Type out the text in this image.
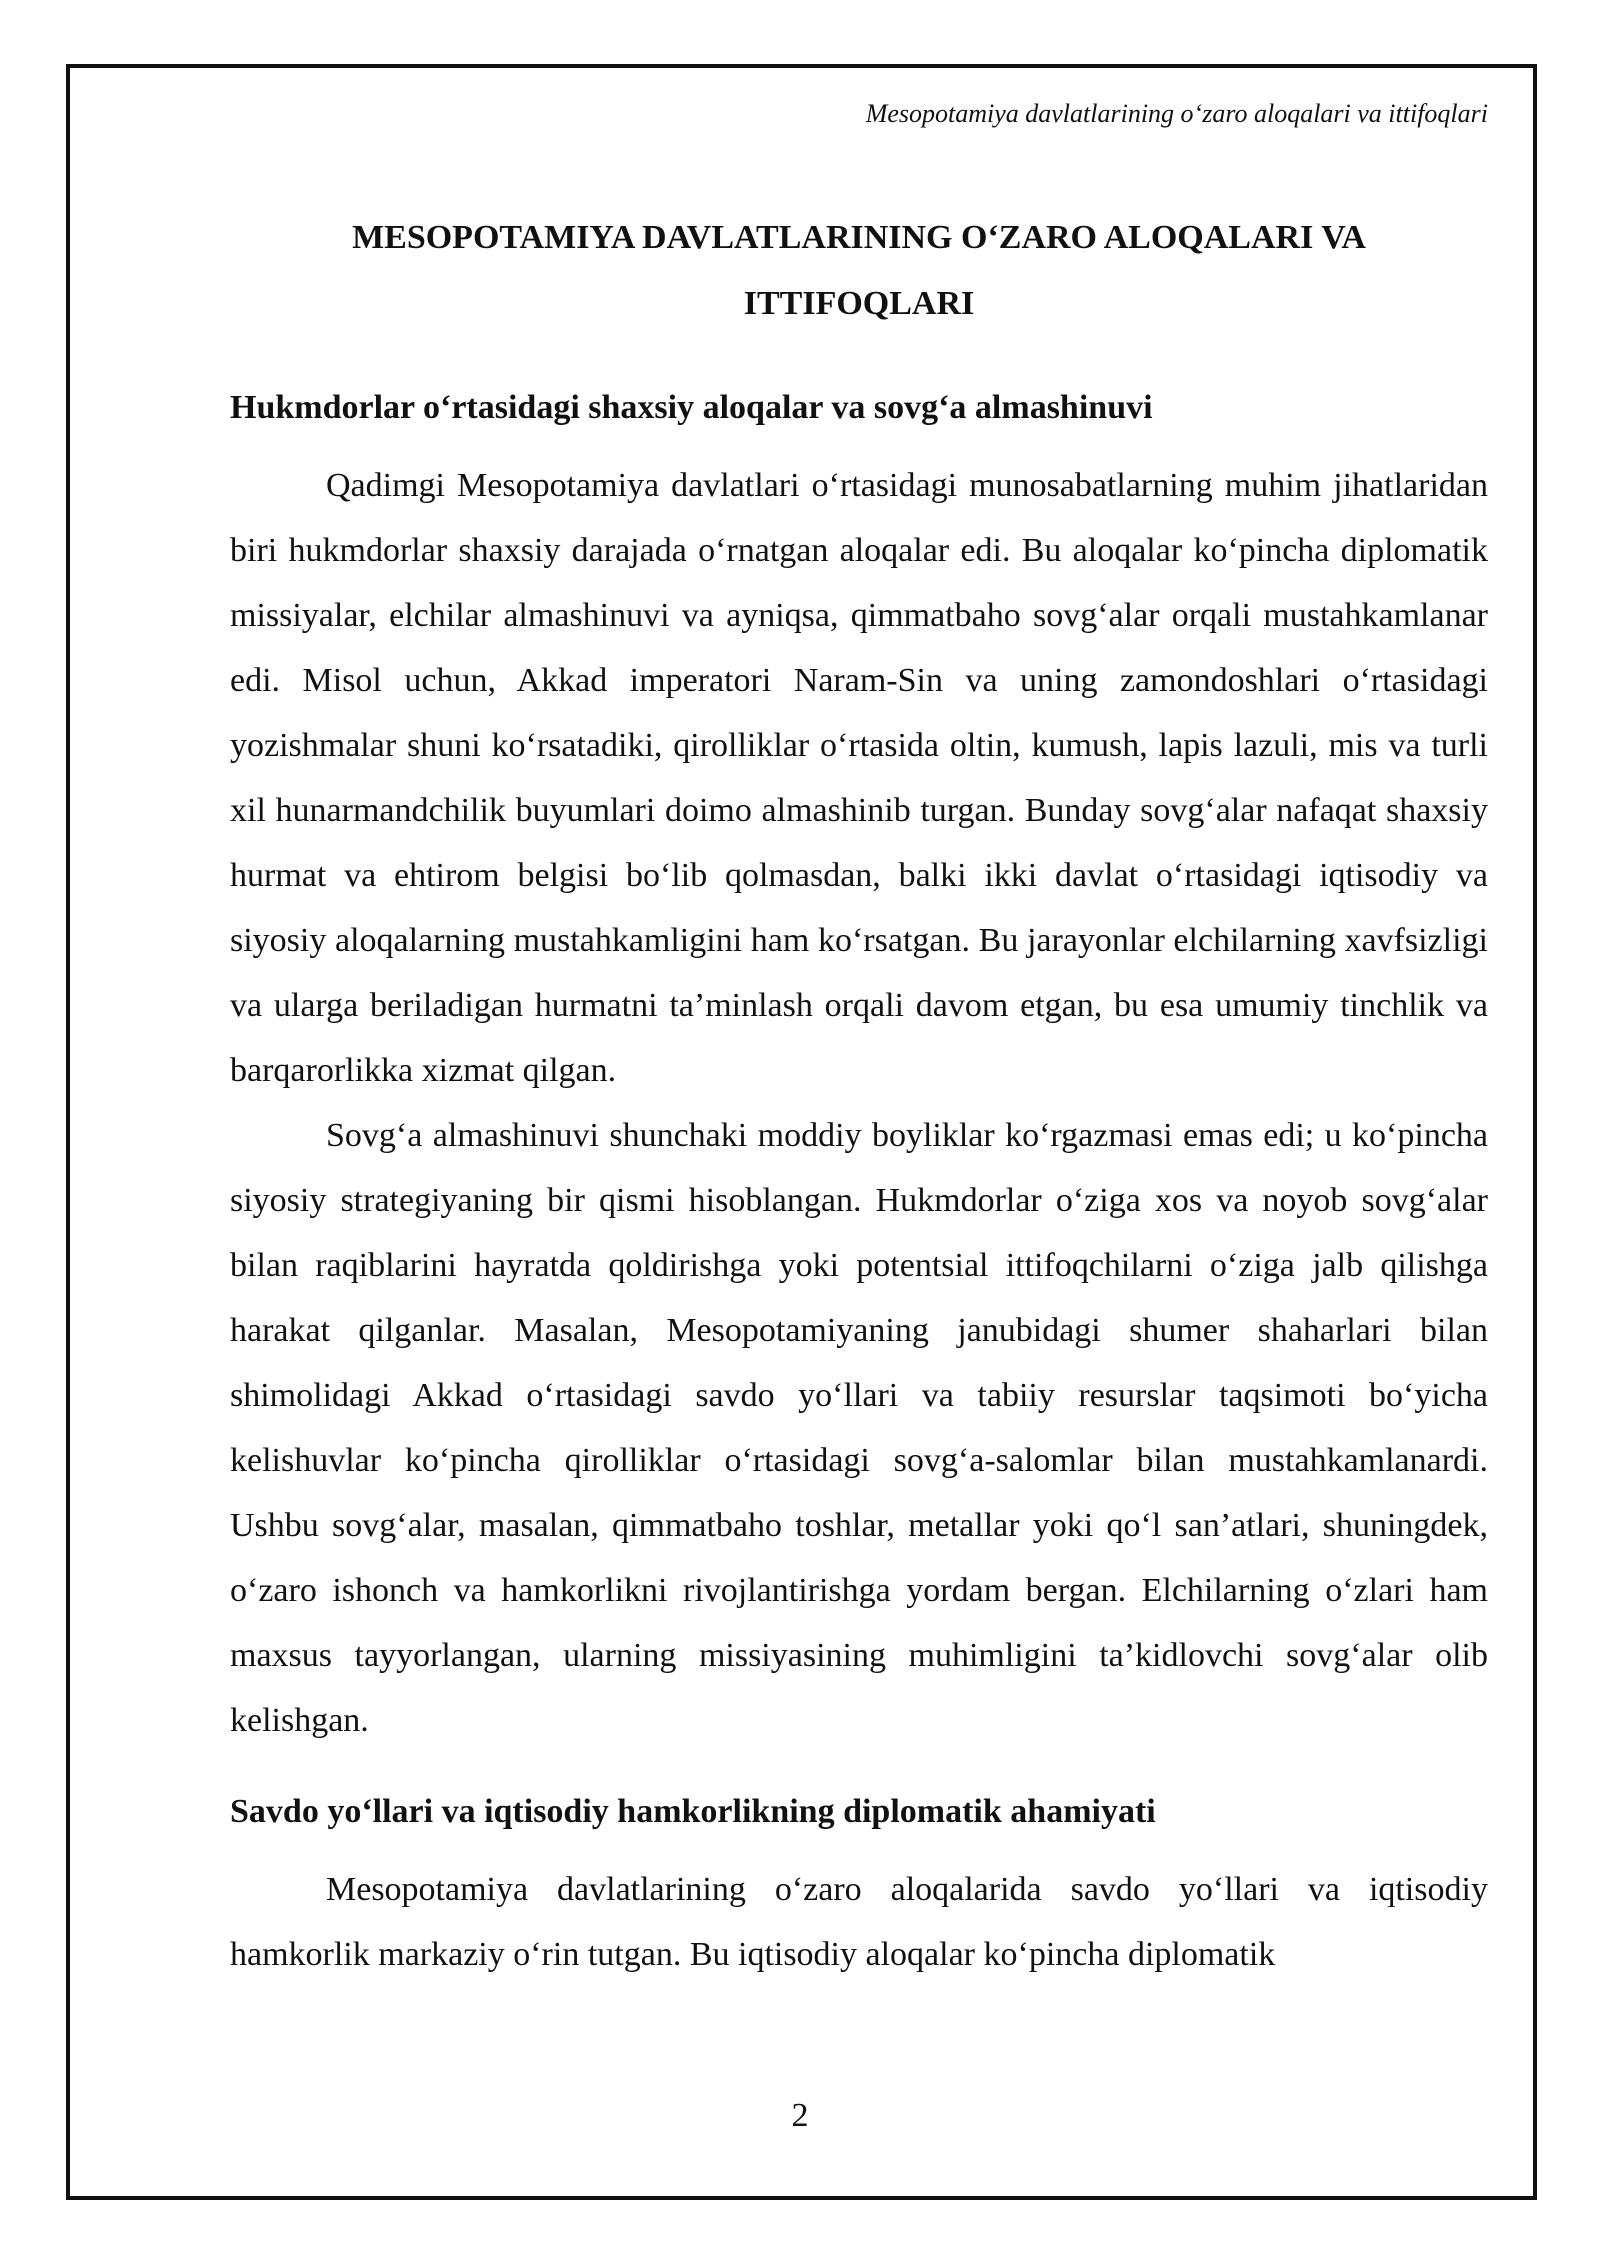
Mesopotamiya davlatlarining o‘zaro aloqalari va ittifoqlari
MESOPOTAMIYA DAVLATLARINING O‘ZARO ALOQALARI VA
ITTIFOQLARI
Hukmdorlar o‘rtasidagi shaxsiy aloqalar va sovg‘a almashinuvi

Qadimgi Mesopotamiya davlatlari o‘rtasidagi munosabatlarning muhim jihatlaridan biri hukmdorlar shaxsiy darajada o‘rnatgan aloqalar edi. Bu aloqalar ko‘pincha diplomatik missiyalar, elchilar almashinuvi va ayniqsa, qimmatbaho sovg‘alar orqali mustahkamlanar edi. Misol uchun, Akkad imperatori Naram-Sin va uning zamondoshlari o‘rtasidagi yozishmalar shuni ko‘rsatadiki, qirolliklar o‘rtasida oltin, kumush, lapis lazuli, mis va turli xil hunarmandchilik buyumlari doimo almashinib turgan. Bunday sovg‘alar nafaqat shaxsiy hurmat va ehtirom belgisi bo‘lib qolmasdan, balki ikki davlat o‘rtasidagi iqtisodiy va siyosiy aloqalarning mustahkamligini ham ko‘rsatgan. Bu jarayonlar elchilarning xavfsizligi va ularga beriladigan hurmatni ta’minlash orqali davom etgan, bu esa umumiy tinchlik va barqarorlikka xizmat qilgan.

Sovg‘a almashinuvi shunchaki moddiy boyliklar ko‘rgazmasi emas edi; u ko‘pincha siyosiy strategiyaning bir qismi hisoblangan. Hukmdorlar o‘ziga xos va noyob sovg‘alar bilan raqiblarini hayratda qoldirishga yoki potentsial ittifoqchilarni o‘ziga jalb qilishga harakat qilganlar. Masalan, Mesopotamiyaning janubidagi shumer shaharlari bilan shimolidagi Akkad o‘rtasidagi savdo yo‘llari va tabiiy resurslar taqsimoti bo‘yicha kelishuvlar ko‘pincha qirolliklar o‘rtasidagi sovg‘a-salomlar bilan mustahkamlanardi. Ushbu sovg‘alar, masalan, qimmatbaho toshlar, metallar yoki qo‘l san’atlari, shuningdek, o‘zaro ishonch va hamkorlikni rivojlantirishga yordam bergan. Elchilarning o‘zlari ham maxsus tayyorlangan, ularning missiyasining muhimligini ta’kidlovchi sovg‘alar olib kelishgan.

Savdo yo‘llari va iqtisodiy hamkorlikning diplomatik ahamiyati

Mesopotamiya davlatlarining o‘zaro aloqalarida savdo yo‘llari va iqtisodiy hamkorlik markaziy o‘rin tutgan. Bu iqtisodiy aloqalar ko‘pincha diplomatik

2
